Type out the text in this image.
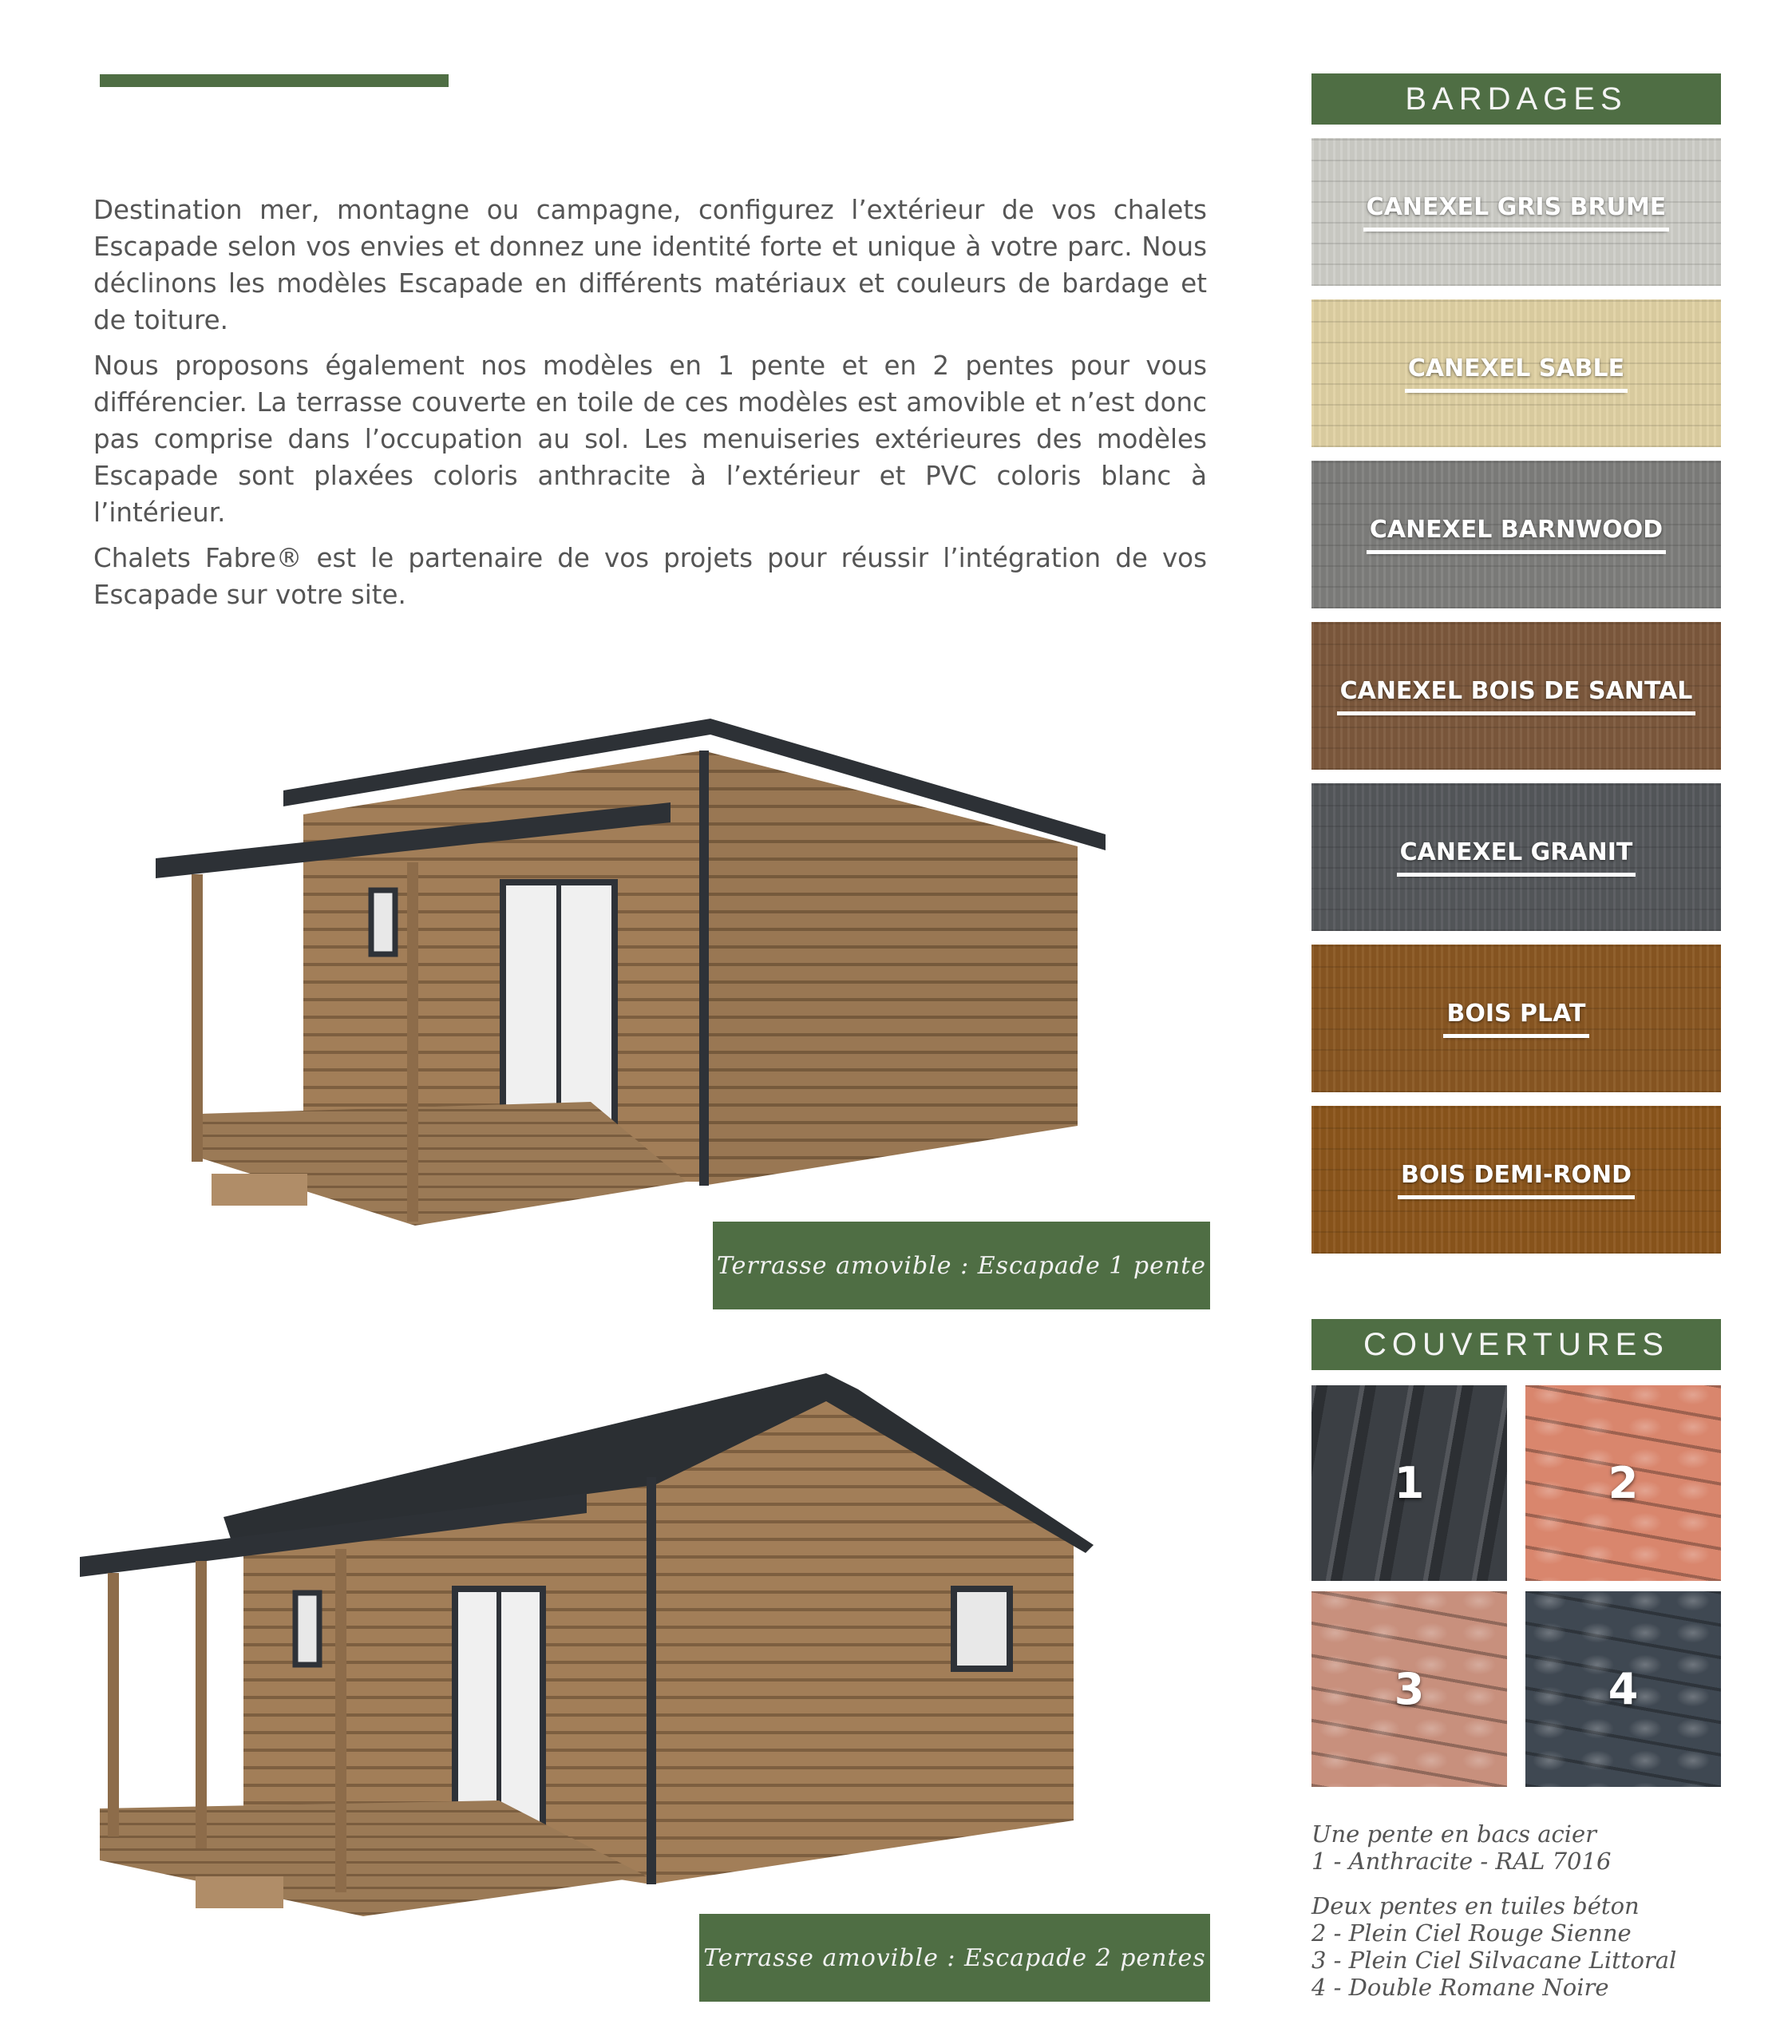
Destination mer, montagne ou campagne, configurez l’extérieur de vos chalets Escapade selon vos envies et donnez une identité forte et unique à votre parc. Nous déclinons les modèles Escapade en différents matériaux et couleurs de bardage et de toiture.

Nous proposons également nos modèles en 1 pente et en 2 pentes pour vous différencier. La terrasse couverte en toile de ces modèles est amovible et n’est donc pas comprise dans l’occupation au sol. Les menuiseries extérieures des modèles Escapade sont plaxées coloris anthracite à l’extérieur et PVC coloris blanc à l’intérieur.

Chalets Fabre® est le partenaire de vos projets pour réussir l’intégration de vos Escapade sur votre site.

Terrasse amovible : Escapade 1 pente
Terrasse amovible : Escapade 2 pentes
BARDAGES
CANEXEL GRIS BRUME
CANEXEL SABLE
CANEXEL BARNWOOD
CANEXEL BOIS DE SANTAL
CANEXEL GRANIT
BOIS PLAT
BOIS DEMI-ROND
COUVERTURES
1	2
3	4

Une pente en bacs acier
1 - Anthracite - RAL 7016

Deux pentes en tuiles béton
2 - Plein Ciel Rouge Sienne
3 - Plein Ciel Silvacane Littoral
4 - Double Romane Noire
